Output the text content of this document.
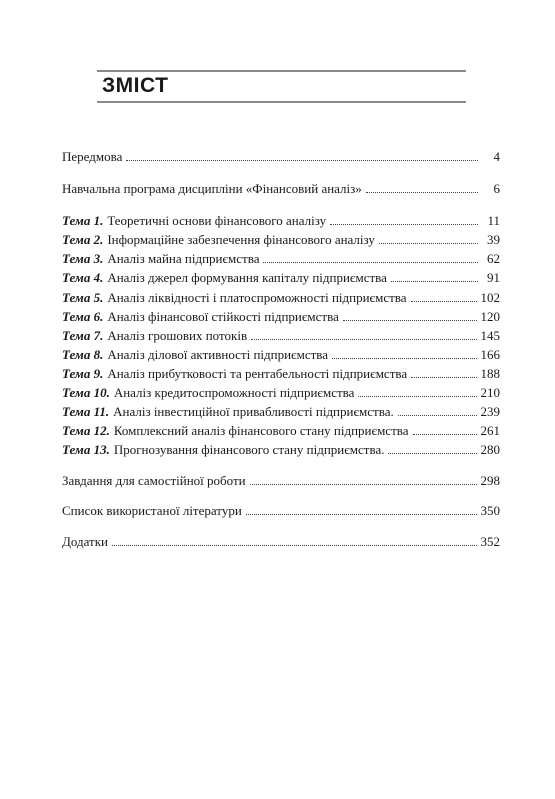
ЗМІСТ
Передмова	4
Навчальна програма дисципліни «Фінансовий аналіз»	6
Тема 1. Теоретичні основи фінансового аналізу	11
Тема 2. Інформаційне забезпечення фінансового аналізу	39
Тема 3. Аналіз майна підприємства	62
Тема 4. Аналіз джерел формування капіталу підприємства	91
Тема 5. Аналіз ліквідності і платоспроможності підприємства	102
Тема 6. Аналіз фінансової стійкості підприємства	120
Тема 7. Аналіз грошових потоків	145
Тема 8. Аналіз ділової активності підприємства	166
Тема 9. Аналіз прибутковості та рентабельності підприємства	188
Тема 10. Аналіз кредитоспроможності підприємства	210
Тема 11. Аналіз інвестиційної привабливості підприємства.	239
Тема 12. Комплексний аналіз фінансового стану підприємства	261
Тема 13. Прогнозування фінансового стану підприємства.	280
Завдання для самостійної роботи	298
Список використаної літератури	350
Додатки	352
